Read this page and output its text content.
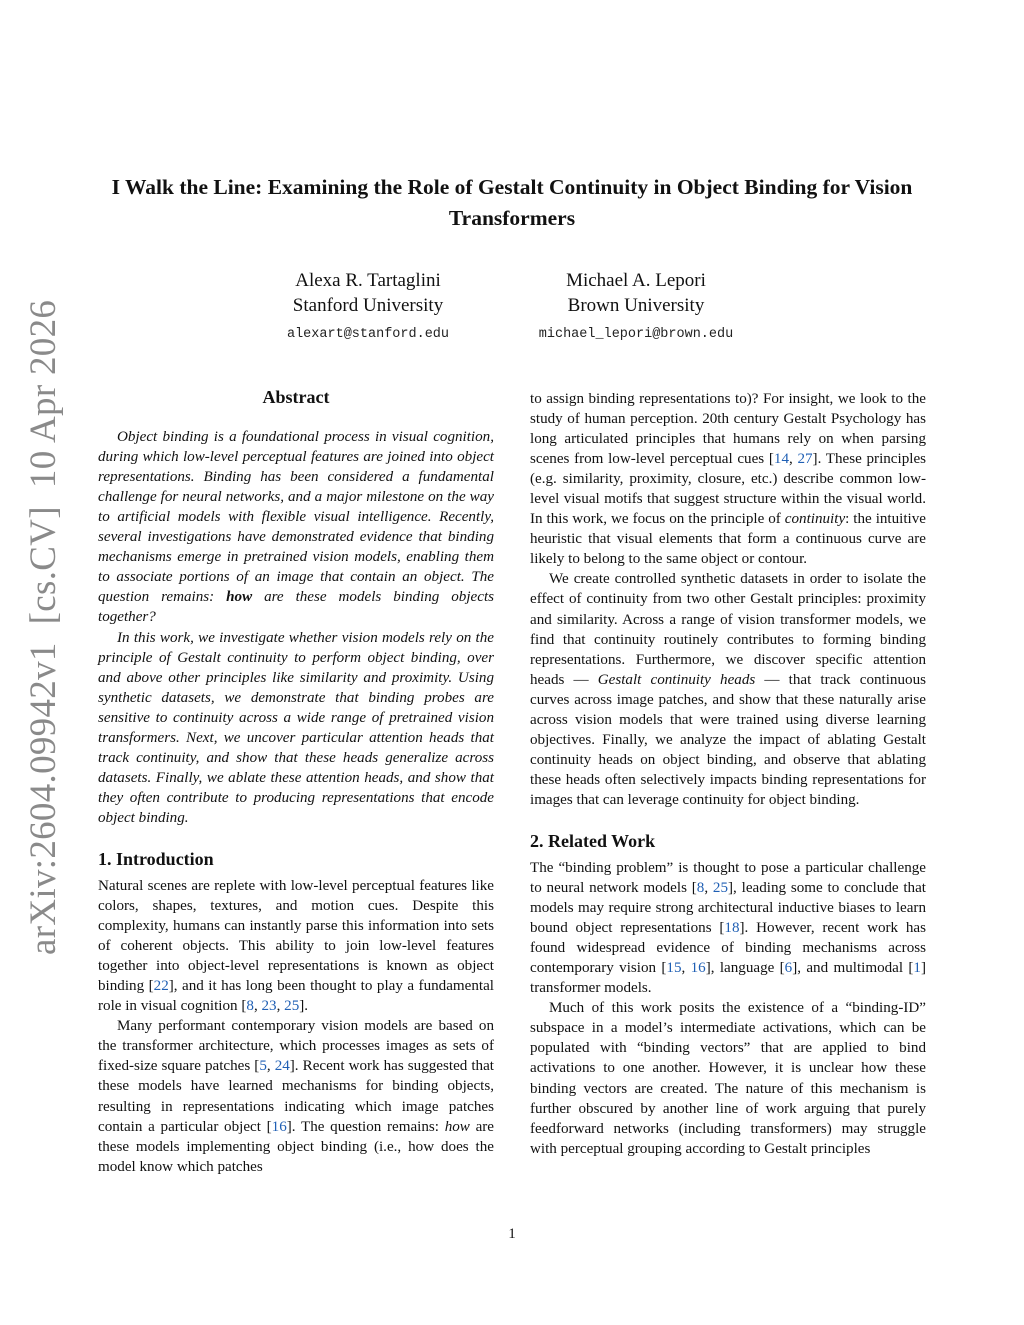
arXiv:2604.09942v1[cs.CV]10 Apr 2026
I Walk the Line: Examining the Role of Gestalt Continuity in Object Binding for Vision Transformers
Alexa R. Tartaglini
Stanford University
alexart@stanford.edu
Michael A. Lepori
Brown University
michael_lepori@brown.edu
Abstract

Object binding is a foundational process in visual cognition, during which low-level perceptual features are joined into object representations. Binding has been considered a fundamental challenge for neural networks, and a major milestone on the way to artificial models with flexible visual intelligence. Recently, several investigations have demonstrated evidence that binding mechanisms emerge in pretrained vision models, enabling them to associate portions of an image that contain an object. The question remains: how are these models binding objects together?

In this work, we investigate whether vision models rely on the principle of Gestalt continuity to perform object binding, over and above other principles like similarity and proximity. Using synthetic datasets, we demonstrate that binding probes are sensitive to continuity across a wide range of pretrained vision transformers. Next, we uncover particular attention heads that track continuity, and show that these heads generalize across datasets. Finally, we ablate these attention heads, and show that they often contribute to producing representations that encode object binding.

1. Introduction

Natural scenes are replete with low-level perceptual features like colors, shapes, textures, and motion cues. Despite this complexity, humans can instantly parse this information into sets of coherent objects. This ability to join low-level features together into object-level representations is known as object binding [22], and it has long been thought to play a fundamental role in visual cognition [8, 23, 25].

Many performant contemporary vision models are based on the transformer architecture, which processes images as sets of fixed-size square patches [5, 24]. Recent work has suggested that these models have learned mechanisms for binding objects, resulting in representations indicating which image patches contain a particular object [16]. The question remains: how are these models implementing object binding (i.e., how does the model know which patches

to assign binding representations to)? For insight, we look to the study of human perception. 20th century Gestalt Psychology has long articulated principles that humans rely on when parsing scenes from low-level perceptual cues [14, 27]. These principles (e.g. similarity, proximity, closure, etc.) describe common low-level visual motifs that suggest structure within the visual world. In this work, we focus on the principle of continuity: the intuitive heuristic that visual elements that form a continuous curve are likely to belong to the same object or contour.

We create controlled synthetic datasets in order to isolate the effect of continuity from two other Gestalt principles: proximity and similarity. Across a range of vision transformer models, we find that continuity routinely contributes to forming binding representations. Furthermore, we discover specific attention heads — Gestalt continuity heads — that track continuous curves across image patches, and show that these naturally arise across vision models that were trained using diverse learning objectives. Finally, we analyze the impact of ablating Gestalt continuity heads on object binding, and observe that ablating these heads often selectively impacts binding representations for images that can leverage continuity for object binding.

2. Related Work

The “binding problem” is thought to pose a particular challenge to neural network models [8, 25], leading some to conclude that models may require strong architectural inductive biases to learn bound object representations [18]. However, recent work has found widespread evidence of binding mechanisms across contemporary vision [15, 16], language [6], and multimodal [1] transformer models.

Much of this work posits the existence of a “binding-ID” subspace in a model’s intermediate activations, which can be populated with “binding vectors” that are applied to bind activations to one another. However, it is unclear how these binding vectors are created. The nature of this mechanism is further obscured by another line of work arguing that purely feedforward networks (including transformers) may struggle with perceptual grouping according to Gestalt principles

1
